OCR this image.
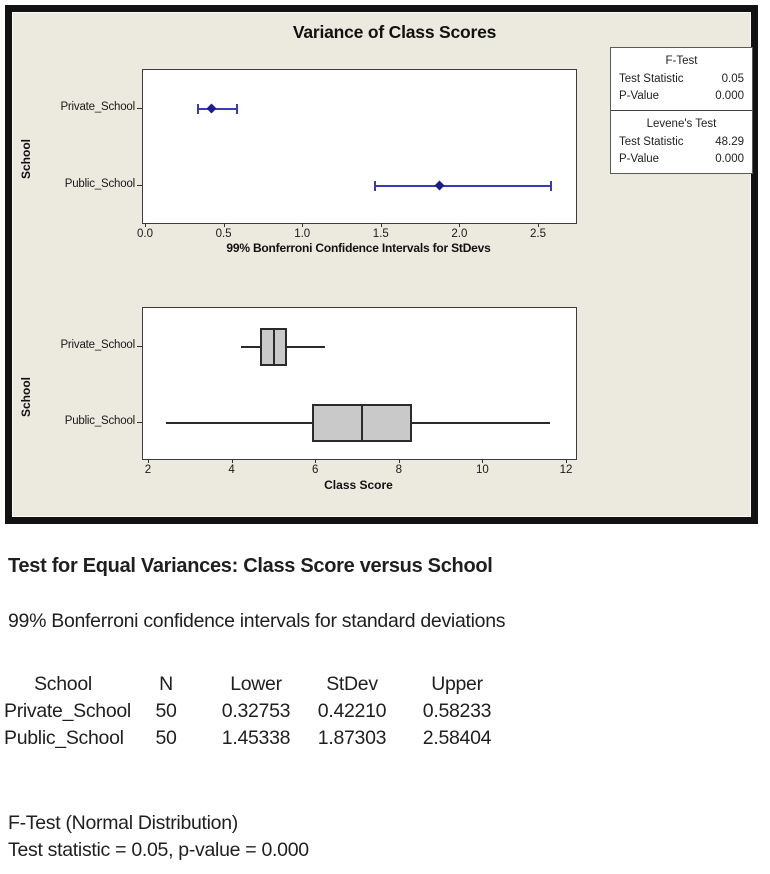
Variance of Class Scores
School
99% Bonferroni Confidence Intervals for StDevs
F-Test
Test Statistic	0.05
P-Value	0.000
Levene's Test
Test Statistic	48.29
P-Value	0.000
School
Class Score
0.0	0.5	1.0	1.5	2.0	2.5
Private_School
Public_School
2	4	6	8	10	12
Private_School
Public_School
Test for Equal Variances: Class Score versus School
99% Bonferroni confidence intervals for standard deviations
School	N	Lower	StDev	Upper
Private_School	50	0.32753	0.42210	0.58233
Public_School	50	1.45338	1.87303	2.58404
F-Test (Normal Distribution)
Test statistic = 0.05, p-value = 0.000
